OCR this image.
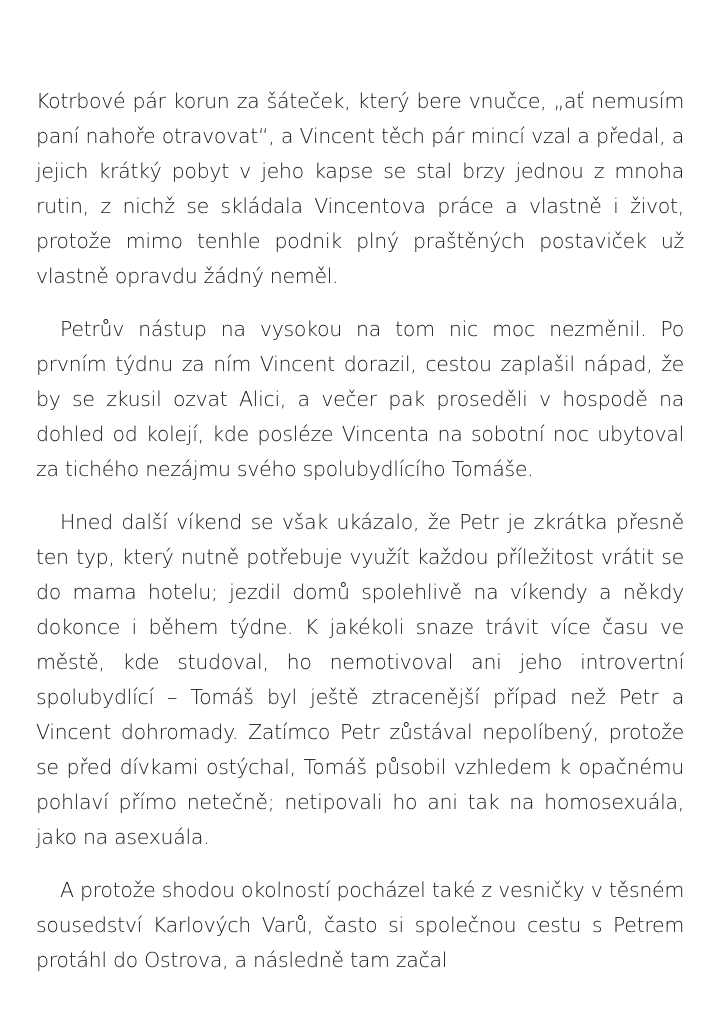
Kotrbové pár korun za šáteček, který bere vnučce, „ať nemusím paní nahoře otravovat“, a Vincent těch pár mincí vzal a předal, a jejich krátký pobyt v jeho kapse se stal brzy jednou z mnoha rutin, z nichž se skládala Vincentova práce a vlastně i život, protože mimo tenhle podnik plný praštěných postaviček už vlastně opravdu žádný neměl.

Petrův nástup na vysokou na tom nic moc nezměnil. Po prvním týdnu za ním Vincent dorazil, cestou zaplašil nápad, že by se zkusil ozvat Alici, a večer pak proseděli v hospodě na dohled od kolejí, kde posléze Vincenta na sobotní noc ubytoval za tichého nezájmu svého spolubydlícího Tomáše.

Hned další víkend se však ukázalo, že Petr je zkrátka přesně ten typ, který nutně potřebuje využít každou příležitost vrátit se do mama hotelu; jezdil domů spolehlivě na víkendy a někdy dokonce i během týdne. K jakékoli snaze trávit více času ve městě, kde studoval, ho nemotivoval ani jeho introvertní spolubydlící – Tomáš byl ještě ztracenější případ než Petr a Vincent dohromady. Zatímco Petr zůstával nepolíbený, protože se před dívkami ostýchal, Tomáš působil vzhledem k opačnému pohlaví přímo netečně; netipovali ho ani tak na homosexuála, jako na asexuála.

A protože shodou okolností pocházel také z vesničky v těsném sousedství Karlových Varů, často si společnou cestu s Petrem protáhl do Ostrova, a následně tam začal
